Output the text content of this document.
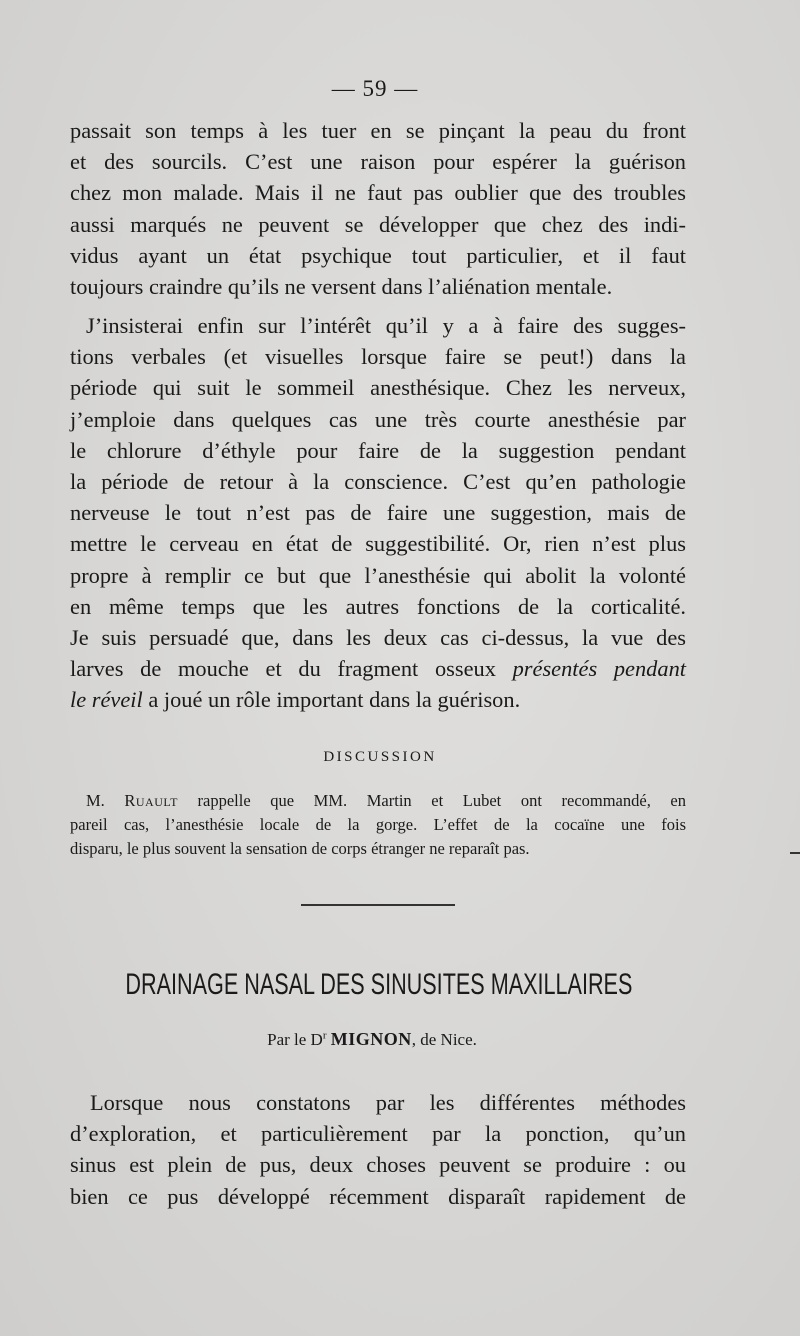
— 59 —
passait son temps à les tuer en se pinçant la peau du front
et des sourcils. C’est une raison pour espérer la guérison
chez mon malade. Mais il ne faut pas oublier que des troubles
aussi marqués ne peuvent se développer que chez des indi-
vidus ayant un état psychique tout particulier, et il faut
toujours craindre qu’ils ne versent dans l’aliénation mentale.
J’insisterai enfin sur l’intérêt qu’il y a à faire des sugges-
tions verbales (et visuelles lorsque faire se peut!) dans la
période qui suit le sommeil anesthésique. Chez les nerveux,
j’emploie dans quelques cas une très courte anesthésie par
le chlorure d’éthyle pour faire de la suggestion pendant
la période de retour à la conscience. C’est qu’en pathologie
nerveuse le tout n’est pas de faire une suggestion, mais de
mettre le cerveau en état de suggestibilité. Or, rien n’est plus
propre à remplir ce but que l’anesthésie qui abolit la volonté
en même temps que les autres fonctions de la corticalité.
Je suis persuadé que, dans les deux cas ci-dessus, la vue des
larves de mouche et du fragment osseux présentés pendant
le réveil a joué un rôle important dans la guérison.
DISCUSSION
M. Ruault rappelle que MM. Martin et Lubet ont recommandé, en
pareil cas, l’anesthésie locale de la gorge. L’effet de la cocaïne une fois
disparu, le plus souvent la sensation de corps étranger ne reparaît pas.
DRAINAGE NASAL DES SINUSITES MAXILLAIRES
Par le $D^r$ MIGNON, de Nice.
Lorsque nous constatons par les différentes méthodes
d’exploration, et particulièrement par la ponction, qu’un
sinus est plein de pus, deux choses peuvent se produire : ou
bien ce pus développé récemment disparaît rapidement de
